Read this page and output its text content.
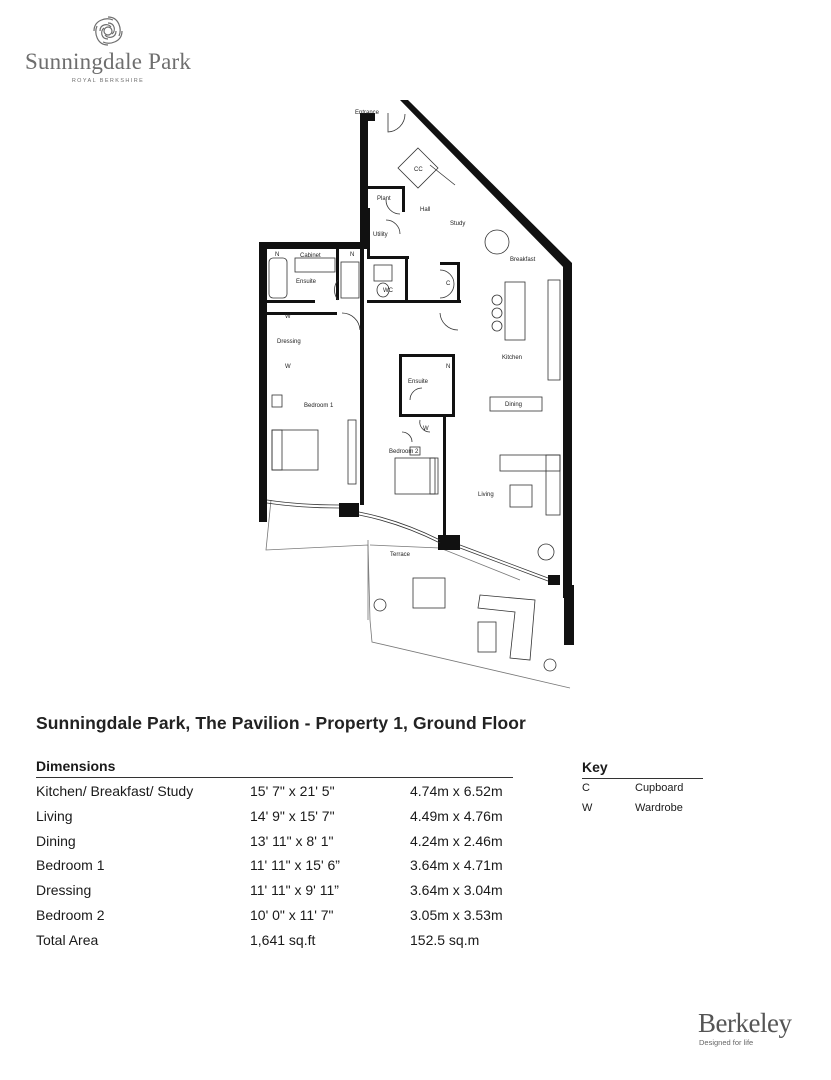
Sunningdale Park
ROYAL BERKSHIRE
Entrance
CC
Plant
Hall
Study
Utility
Cabinet
Ensuite
WC
C
Breakfast
W
Dressing
W
Kitchen
Ensuite
Bedroom 1	Dining
W
Bedroom 2
Living
Terrace
N	N
N
Sunningdale Park, The Pavilion - Property 1, Ground Floor
Dimensions
Kitchen/ Breakfast/ Study	15' 7" x 21' 5"	4.74m x 6.52m
Living	14' 9" x 15' 7"	4.49m x 4.76m
Dining	13' 11" x 8' 1"	4.24m x 2.46m
Bedroom 1	11' 11" x 15' 6”	3.64m x 4.71m
Dressing	11' 11" x 9' 11”	3.64m x 3.04m
Bedroom 2	10' 0" x 11' 7"	3.05m x 3.53m
Total Area	1,641 sq.ft	152.5 sq.m
Key
C	Cupboard
W	Wardrobe
Berkeley
Designed for life
